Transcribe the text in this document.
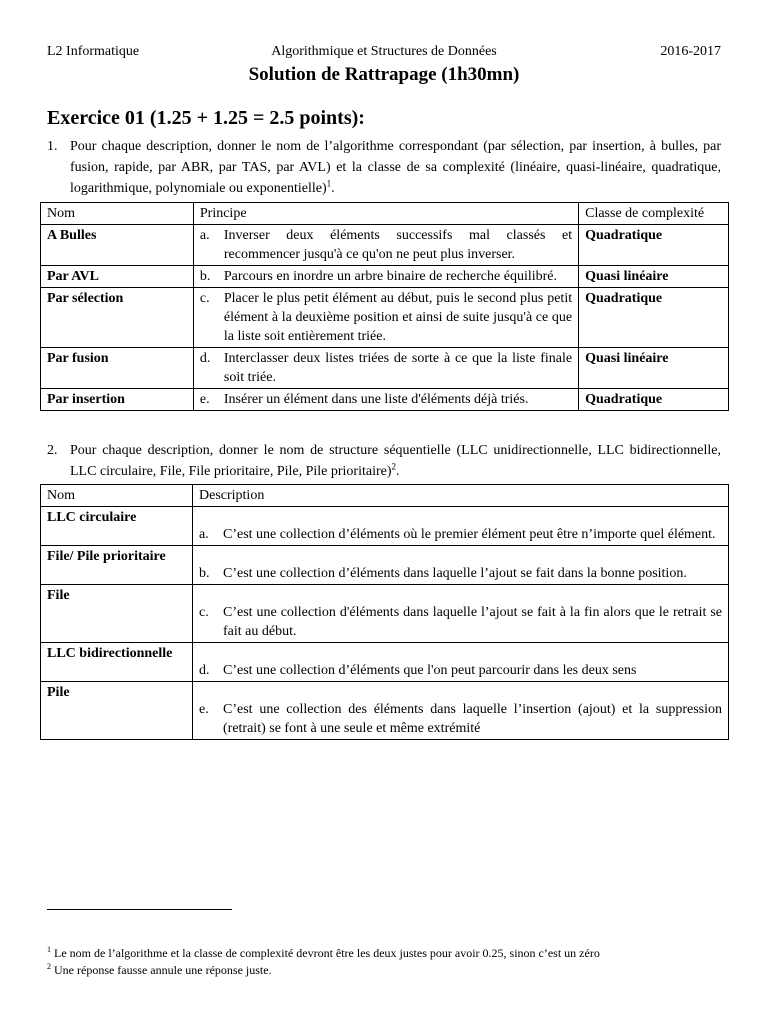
L2 Informatique	Algorithmique et Structures de Données	2016-2017
Solution de Rattrapage (1h30mn)
Exercice 01 (1.25 + 1.25 = 2.5 points):
1. Pour chaque description, donner le nom de l’algorithme correspondant (par sélection, par insertion, à bulles, par fusion, rapide, par ABR, par TAS, par AVL) et la classe de sa complexité (linéaire, quasi-linéaire, quadratique, logarithmique, polynomiale ou exponentielle)$^1$.
Nom	Principe	Classe de complexité
A Bulles	a. Inverser deux éléments successifs mal classés et recommencer jusqu'à ce qu'on ne peut plus inverser.	Quadratique
Par AVL	b. Parcours en inordre un arbre binaire de recherche équilibré.	Quasi linéaire
Par sélection	c. Placer le plus petit élément au début, puis le second plus petit élément à la deuxième position et ainsi de suite jusqu'à ce que la liste soit entièrement triée.	Quadratique
Par fusion	d. Interclasser deux listes triées de sorte à ce que la liste finale soit triée.	Quasi linéaire
Par insertion	e. Insérer un élément dans une liste d'éléments déjà triés.	Quadratique
2. Pour chaque description, donner le nom de structure séquentielle (LLC unidirectionnelle, LLC bidirectionnelle, LLC circulaire, File, File prioritaire, Pile, Pile prioritaire)$^2$.
Nom	Description
LLC circulaire	a. C’est une collection d’éléments où le premier élément peut être n’importe quel élément.

File/ Pile prioritaire	b. C’est une collection d’éléments dans laquelle l’ajout se fait dans la bonne position.

File	c. C’est une collection d'éléments dans laquelle l’ajout se fait à la fin alors que le retrait se fait au début.

LLC bidirectionnelle	d. C’est une collection d’éléments que l'on peut parcourir dans les deux sens

Pile	e. C’est une collection des éléments dans laquelle l’insertion (ajout) et la suppression (retrait) se font à une seule et même extrémité
$^1$ Le nom de l’algorithme et la classe de complexité devront être les deux justes pour avoir 0.25, sinon c’est un zéro
$^2$ Une réponse fausse annule une réponse juste.
